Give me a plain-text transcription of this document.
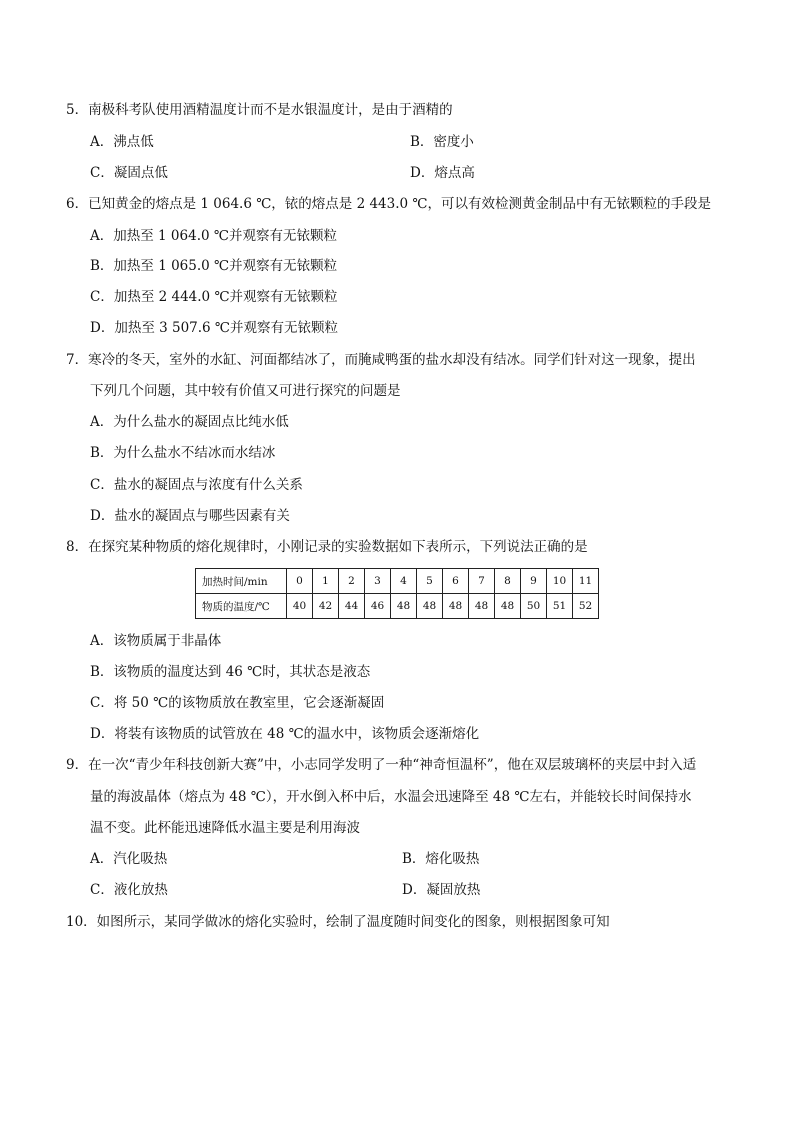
5．南极科考队使用酒精温度计而不是水银温度计，是由于酒精的
A．沸点低	B．密度小
C．凝固点低	D．熔点高
6．已知黄金的熔点是 1 064.6 ℃，铱的熔点是 2 443.0 ℃，可以有效检测黄金制品中有无铱颗粒的手段是
A．加热至 1 064.0 ℃并观察有无铱颗粒
B．加热至 1 065.0 ℃并观察有无铱颗粒
C．加热至 2 444.0 ℃并观察有无铱颗粒
D．加热至 3 507.6 ℃并观察有无铱颗粒
7．寒冷的冬天，室外的水缸、河面都结冰了，而腌咸鸭蛋的盐水却没有结冰。同学们针对这一现象，提出
下列几个问题，其中较有价值又可进行探究的问题是
A．为什么盐水的凝固点比纯水低
B．为什么盐水不结冰而水结冰
C．盐水的凝固点与浓度有什么关系
D．盐水的凝固点与哪些因素有关
8．在探究某种物质的熔化规律时，小刚记录的实验数据如下表所示，下列说法正确的是
加热时间/min	0	1	2	3	4	5	6	7	8	9	10	11
物质的温度/℃	40	42	44	46	48	48	48	48	48	50	51	52
A．该物质属于非晶体
B．该物质的温度达到 46 ℃时，其状态是液态
C．将 50 ℃的该物质放在教室里，它会逐渐凝固
D．将装有该物质的试管放在 48 ℃的温水中，该物质会逐渐熔化
9．在一次“青少年科技创新大赛”中，小志同学发明了一种“神奇恒温杯”，他在双层玻璃杯的夹层中封入适
量的海波晶体（熔点为 48 ℃），开水倒入杯中后，水温会迅速降至 48 ℃左右，并能较长时间保持水
温不变。此杯能迅速降低水温主要是利用海波
A．汽化吸热	B．熔化吸热
C．液化放热	D．凝固放热
10．如图所示，某同学做冰的熔化实验时，绘制了温度随时间变化的图象，则根据图象可知
